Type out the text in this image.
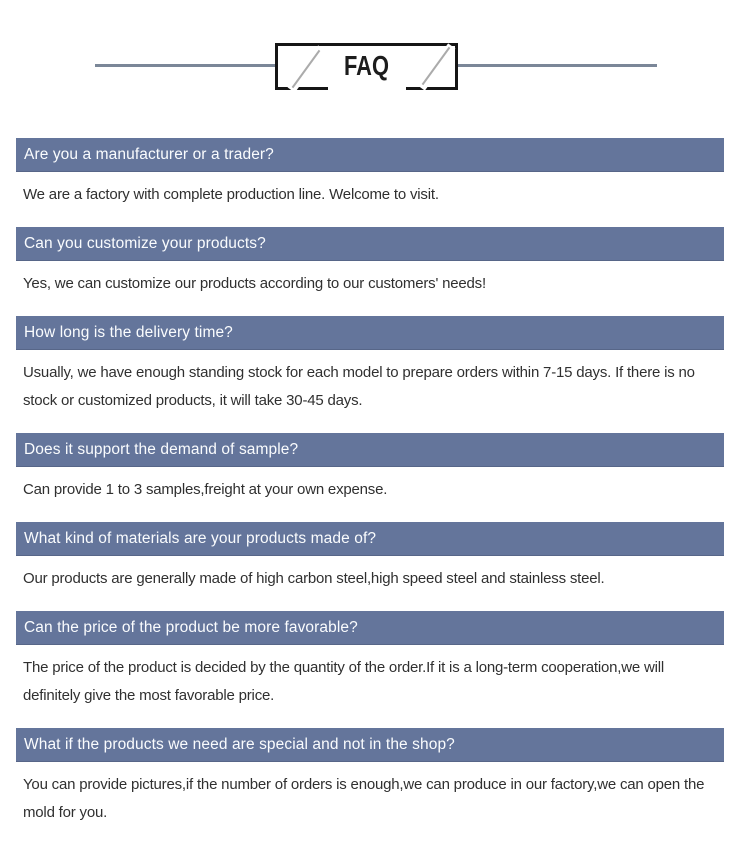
FAQ
Are you a manufacturer or a trader?

We are a factory with complete production line. Welcome to visit.

Can you customize your products?

Yes, we can customize our products according to our customers' needs!

How long is the delivery time?

Usually, we have enough standing stock for each model to prepare orders within 7-15 days. If there is no stock or customized products, it will take 30-45 days.

Does it support the demand of sample?

Can provide 1 to 3 samples,freight at your own expense.

What kind of materials are your products made of?

Our products are generally made of high carbon steel,high speed steel and stainless steel.

Can the price of the product be more favorable?

The price of the product is decided by the quantity of the order.If it is a long-term cooperation,we will definitely give the most favorable price.

What if the products we need are special and not in the shop?

You can provide pictures,if the number of orders is enough,we can produce in our factory,we can open the mold for you.
